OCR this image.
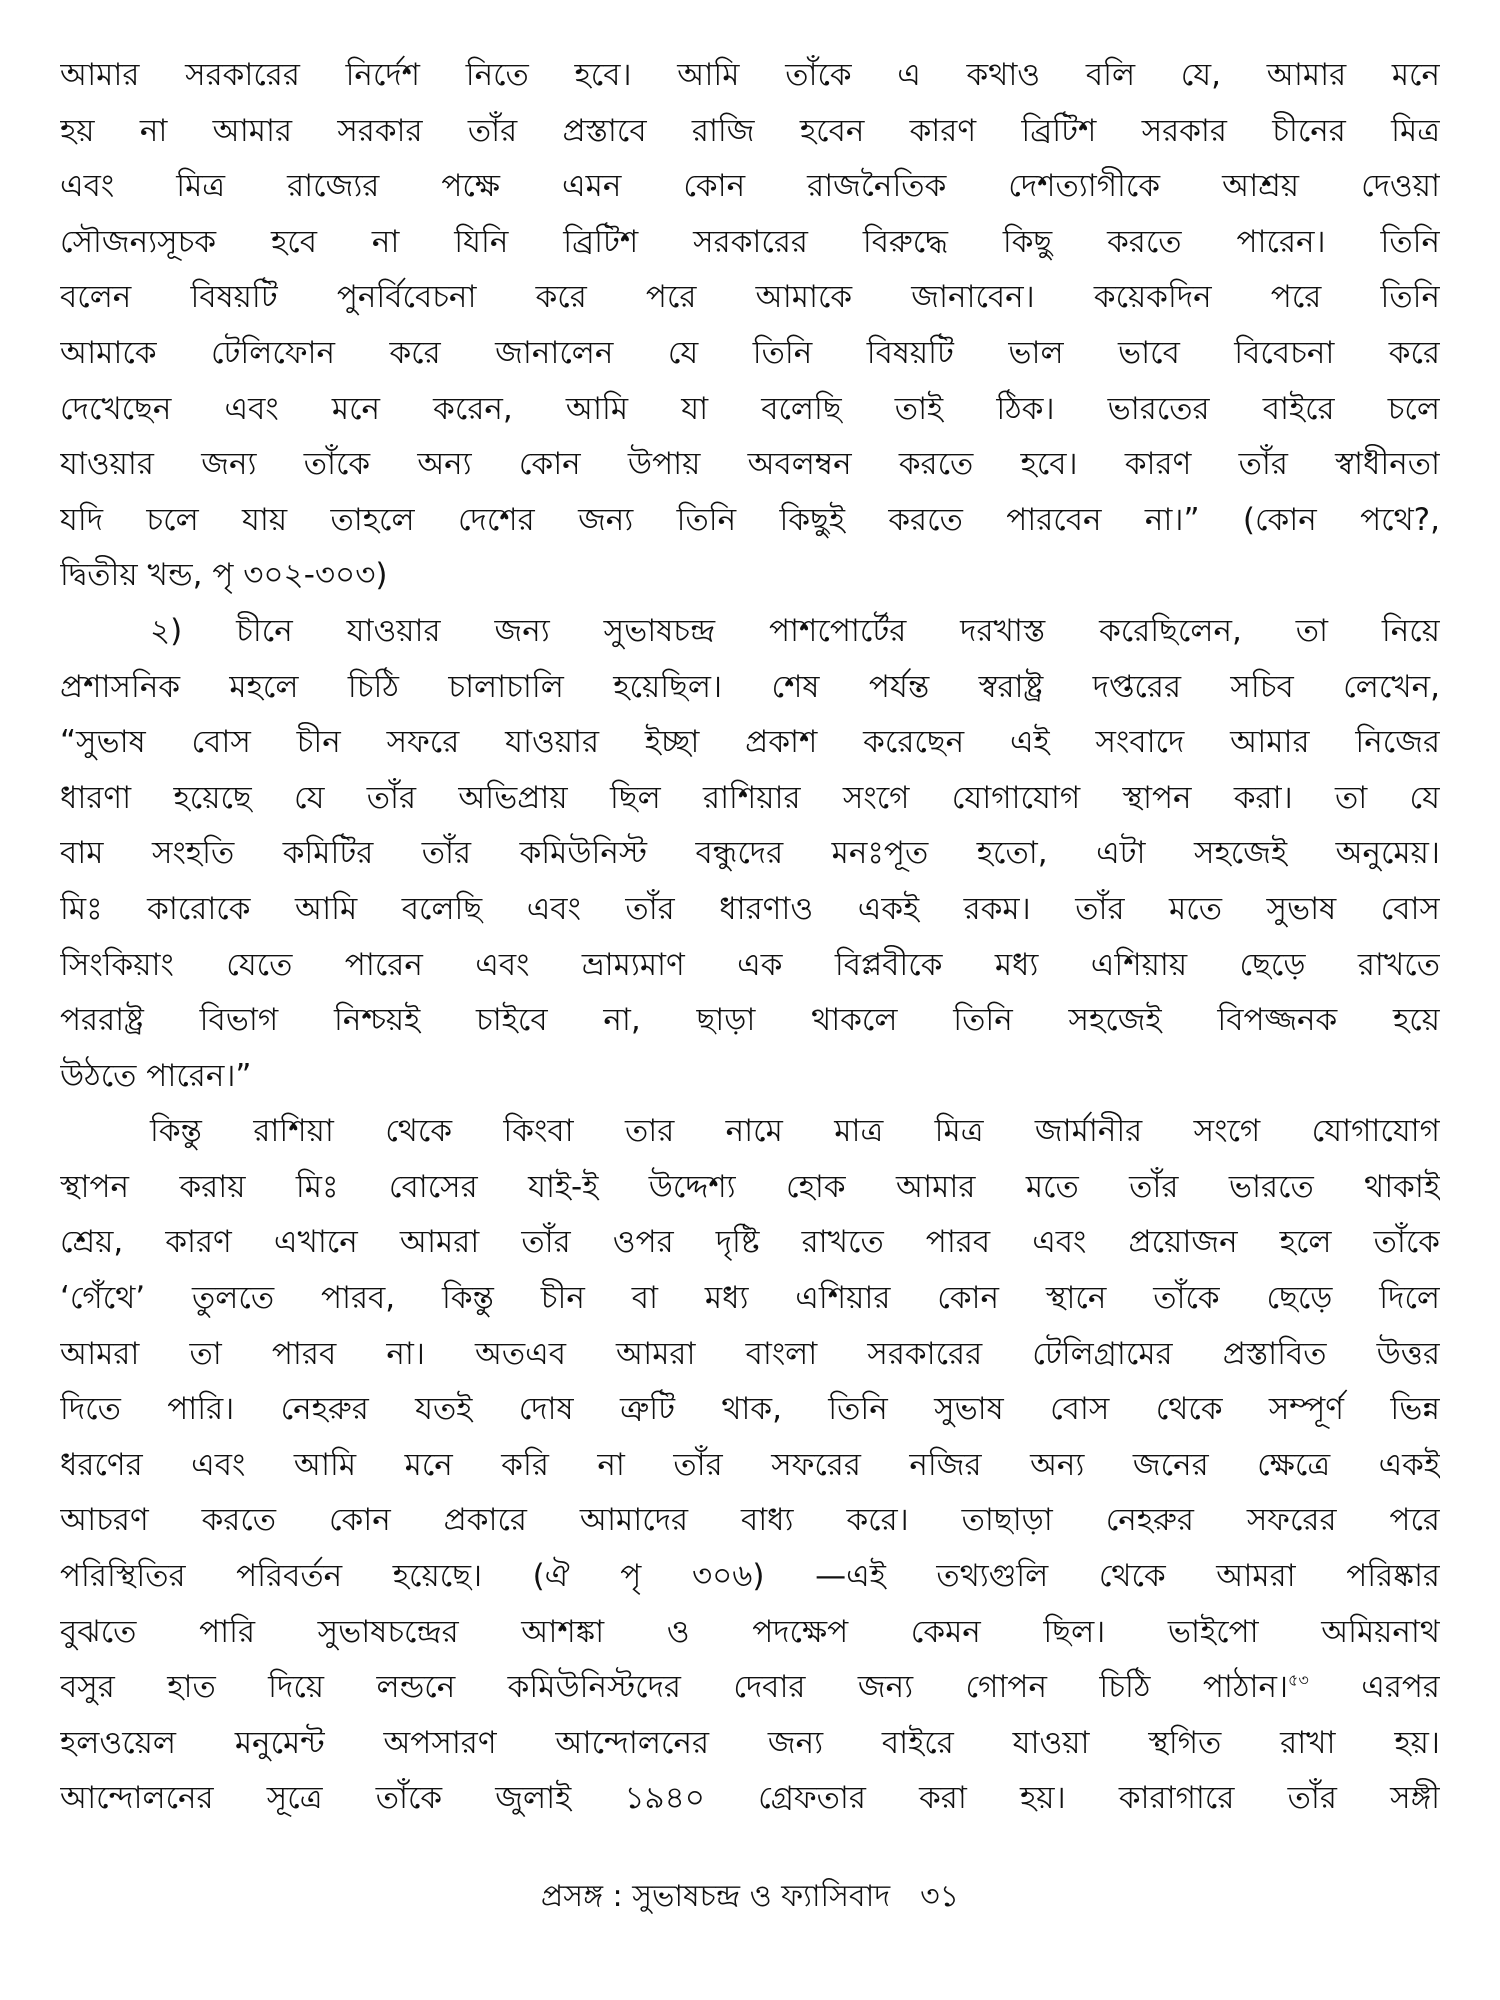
আমার সরকারের নির্দেশ নিতে হবে। আমি তাঁকে এ কথাও বলি যে, আমার মনে
হয় না আমার সরকার তাঁর প্রস্তাবে রাজি হবেন কারণ ব্রিটিশ সরকার চীনের মিত্র
এবং মিত্র রাজ্যের পক্ষে এমন কোন রাজনৈতিক দেশত্যাগীকে আশ্রয় দেওয়া
সৌজন্যসূচক হবে না যিনি ব্রিটিশ সরকারের বিরুদ্ধে কিছু করতে পারেন। তিনি
বলেন বিষয়টি পুনর্বিবেচনা করে পরে আমাকে জানাবেন। কয়েকদিন পরে তিনি
আমাকে টেলিফোন করে জানালেন যে তিনি বিষয়টি ভাল ভাবে বিবেচনা করে
দেখেছেন এবং মনে করেন, আমি যা বলেছি তাই ঠিক। ভারতের বাইরে চলে
যাওয়ার জন্য তাঁকে অন্য কোন উপায় অবলম্বন করতে হবে। কারণ তাঁর স্বাধীনতা
যদি চলে যায় তাহলে দেশের জন্য তিনি কিছুই করতে পারবেন না।” (কোন পথে?,
দ্বিতীয় খন্ড, পৃ ৩০২-৩০৩)
২) চীনে যাওয়ার জন্য সুভাষচন্দ্র পাশপোর্টের দরখাস্ত করেছিলেন, তা নিয়ে
প্রশাসনিক মহলে চিঠি চালাচালি হয়েছিল। শেষ পর্যন্ত স্বরাষ্ট্র দপ্তরের সচিব লেখেন,
“সুভাষ বোস চীন সফরে যাওয়ার ইচ্ছা প্রকাশ করেছেন এই সংবাদে আমার নিজের
ধারণা হয়েছে যে তাঁর অভিপ্রায় ছিল রাশিয়ার সংগে যোগাযোগ স্থাপন করা। তা যে
বাম সংহতি কমিটির তাঁর কমিউনিস্ট বন্ধুদের মনঃপূত হতো, এটা সহজেই অনুমেয়।
মিঃ কারোকে আমি বলেছি এবং তাঁর ধারণাও একই রকম। তাঁর মতে সুভাষ বোস
সিংকিয়াং যেতে পারেন এবং ভ্রাম্যমাণ এক বিপ্লবীকে মধ্য এশিয়ায় ছেড়ে রাখতে
পররাষ্ট্র বিভাগ নিশ্চয়ই চাইবে না, ছাড়া থাকলে তিনি সহজেই বিপজ্জনক হয়ে
উঠতে পারেন।”
কিন্তু রাশিয়া থেকে কিংবা তার নামে মাত্র মিত্র জার্মানীর সংগে যোগাযোগ
স্থাপন করায় মিঃ বোসের যাই-ই উদ্দেশ্য হোক আমার মতে তাঁর ভারতে থাকাই
শ্রেয়, কারণ এখানে আমরা তাঁর ওপর দৃষ্টি রাখতে পারব এবং প্রয়োজন হলে তাঁকে
‘গেঁথে’ তুলতে পারব, কিন্তু চীন বা মধ্য এশিয়ার কোন স্থানে তাঁকে ছেড়ে দিলে
আমরা তা পারব না। অতএব আমরা বাংলা সরকারের টেলিগ্রামের প্রস্তাবিত উত্তর
দিতে পারি। নেহরুর যতই দোষ ত্রুটি থাক, তিনি সুভাষ বোস থেকে সম্পূর্ণ ভিন্ন
ধরণের এবং আমি মনে করি না তাঁর সফরের নজির অন্য জনের ক্ষেত্রে একই
আচরণ করতে কোন প্রকারে আমাদের বাধ্য করে। তাছাড়া নেহরুর সফরের পরে
পরিস্থিতির পরিবর্তন হয়েছে। (ঐ পৃ ৩০৬) —এই তথ্যগুলি থেকে আমরা পরিষ্কার
বুঝতে পারি সুভাষচন্দ্রের আশঙ্কা ও পদক্ষেপ কেমন ছিল। ভাইপো অমিয়নাথ
বসুর হাত দিয়ে লন্ডনে কমিউনিস্টদের দেবার জন্য গোপন চিঠি পাঠান।$^{৫৩}$ এরপর
হলওয়েল মনুমেন্ট অপসারণ আন্দোলনের জন্য বাইরে যাওয়া স্থগিত রাখা হয়।
আন্দোলনের সূত্রে তাঁকে জুলাই ১৯৪০ গ্রেফতার করা হয়। কারাগারে তাঁর সঙ্গী
প্রসঙ্গ : সুভাষচন্দ্র ও ফ্যাসিবাদ ৩১
